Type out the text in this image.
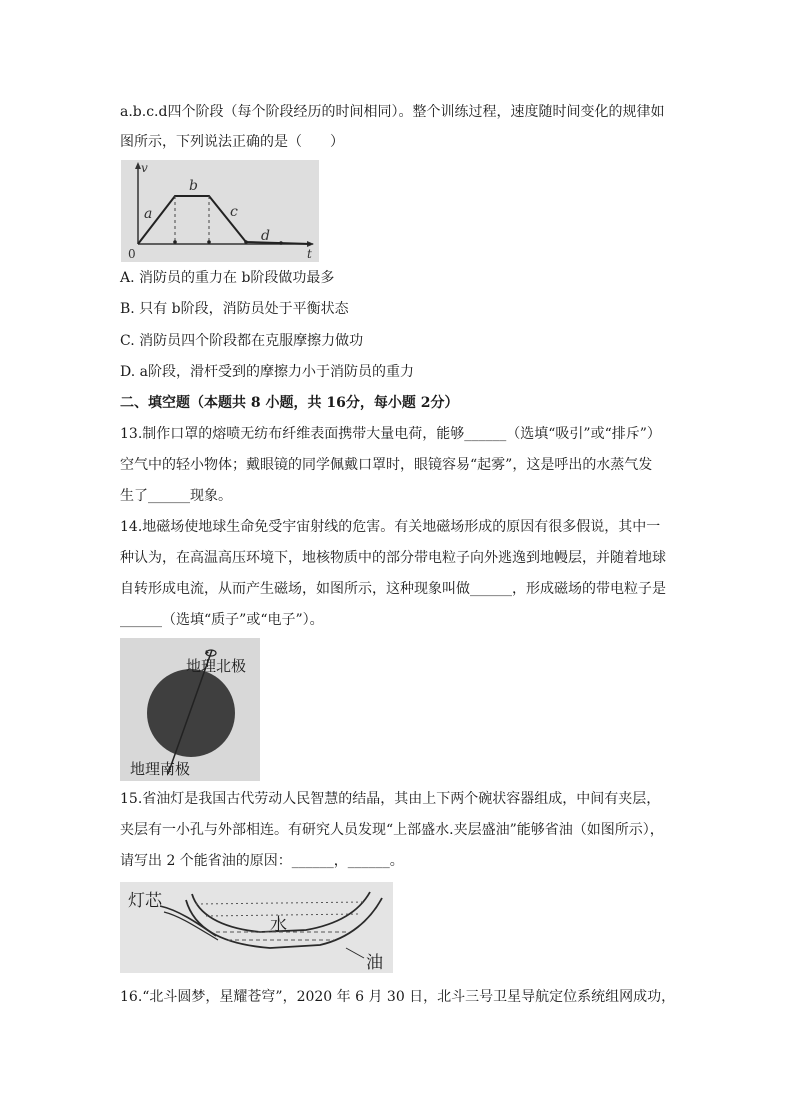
a.b.c.d四个阶段（每个阶段经历的时间相同）。整个训练过程，速度随时间变化的规律如
图所示，下列说法正确的是（　　）
v
t
0
a
b
c
d
A. 消防员的重力在 b阶段做功最多
B. 只有 b阶段，消防员处于平衡状态
C. 消防员四个阶段都在克服摩擦力做功
D. a阶段，滑杆受到的摩擦力小于消防员的重力
二、填空题（本题共 8 小题，共 16分，每小题 2分）
13.制作口罩的熔喷无纺布纤维表面携带大量电荷，能够______（选填“吸引”或“排斥”）
空气中的轻小物体；戴眼镜的同学佩戴口罩时，眼镜容易“起雾”，这是呼出的水蒸气发
生了______现象。
14.地磁场使地球生命免受宇宙射线的危害。有关地磁场形成的原因有很多假说，其中一
种认为，在高温高压环境下，地核物质中的部分带电粒子向外逃逸到地幔层，并随着地球
自转形成电流，从而产生磁场，如图所示，这种现象叫做______，形成磁场的带电粒子是
______（选填“质子”或“电子”）。
地理北极
地理南极
15.省油灯是我国古代劳动人民智慧的结晶，其由上下两个碗状容器组成，中间有夹层，
夹层有一小孔与外部相连。有研究人员发现“上部盛水.夹层盛油”能够省油（如图所示），
请写出 2 个能省油的原因：______，______。
灯芯
水
油
16.“北斗圆梦，星耀苍穹”，2020 年 6 月 30 日，北斗三号卫星导航定位系统组网成功，
